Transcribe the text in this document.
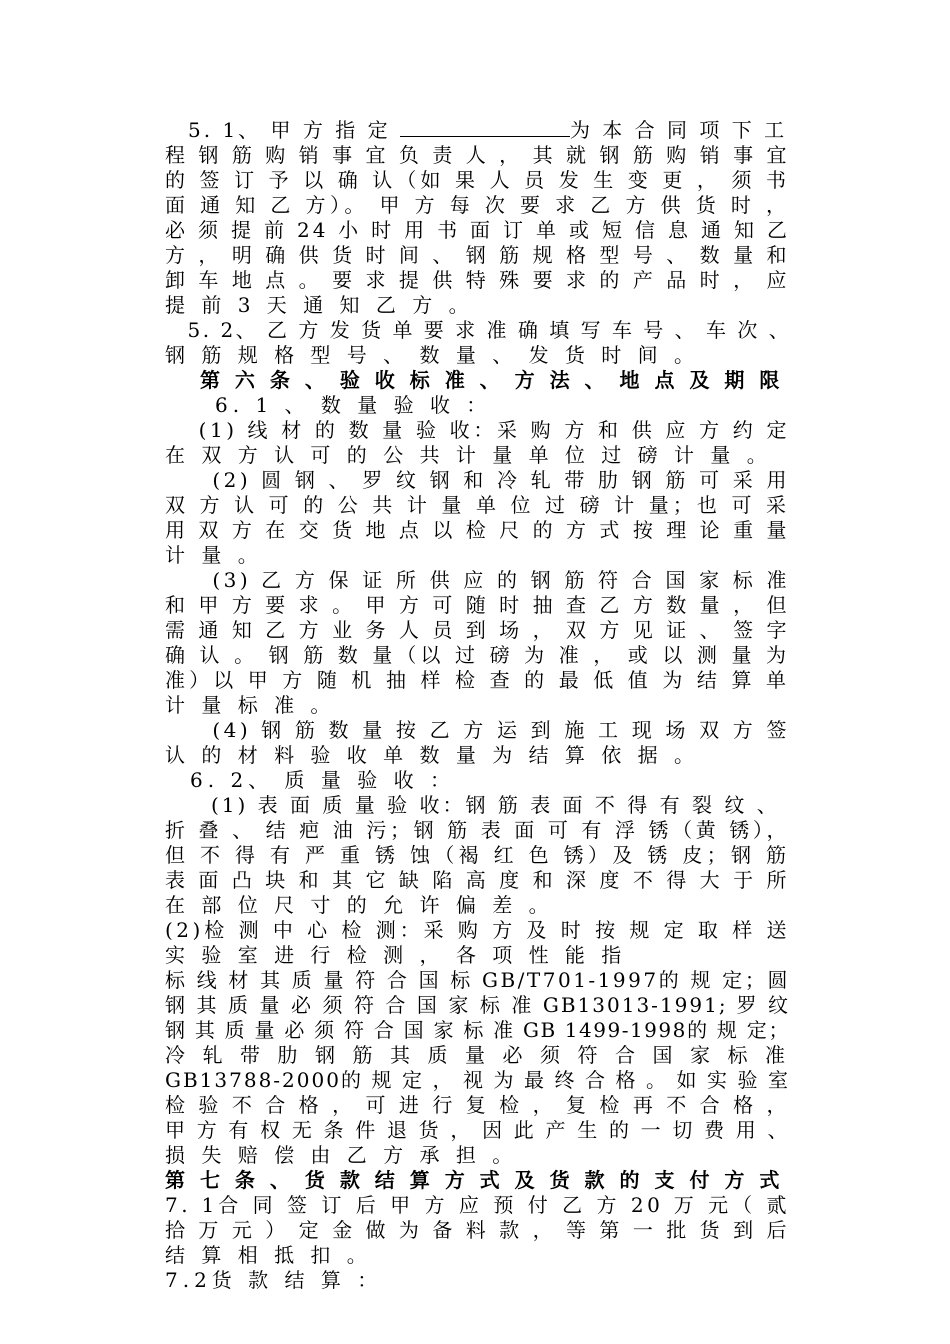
　5. 1、 甲 方 指 定	为 本 合 同 项 下 工
程 钢 筋 购 销 事 宜 负 责 人 ， 其 就 钢 筋 购 销 事 宜
的 签 订 予 以 确 认（如 果 人 员 发 生 变 更 ， 须 书
面 通 知 乙 方）。 甲 方 每 次 要 求 乙 方 供 货 时 ，
必 须 提 前 24 小 时 用 书 面 订 单 或 短 信 息 通 知 乙
方 ， 明 确 供 货 时 间 、 钢 筋 规 格 型 号 、 数 量 和
卸 车 地 点 。 要 求 提 供 特 殊 要 求 的 产 品 时 ， 应
提 前 3 天 通 知 乙 方 。
　5. 2、 乙 方 发 货 单 要 求 准 确 填 写 车 号 、 车 次 、
钢 筋 规 格 型 号 、 数 量 、 发 货 时 间 。
　 第 六 条 、 验 收 标 准 、 方 法 、 地 点 及 期 限
　　6. 1 、 数 量 验 收 ：
　 (1) 线 材 的 数 量 验 收：采 购 方 和 供 应 方 约 定
在 双 方 认 可 的 公 共 计 量 单 位 过 磅 计 量 。
　　(2) 圆 钢 、 罗 纹 钢 和 冷 轧 带 肋 钢 筋 可 采 用
双 方 认 可 的 公 共 计 量 单 位 过 磅 计 量；也 可 采
用 双 方 在 交 货 地 点 以 检 尺 的 方 式 按 理 论 重 量
计 量 。
　　(3) 乙 方 保 证 所 供 应 的 钢 筋 符 合 国 家 标 准
和 甲 方 要 求 。 甲 方 可 随 时 抽 查 乙 方 数 量 ， 但
需 通 知 乙 方 业 务 人 员 到 场 ， 双 方 见 证 、 签 字
确 认 。 钢 筋 数 量（以 过 磅 为 准 ， 或 以 测 量 为
准）以 甲 方 随 机 抽 样 检 查 的 最 低 值 为 结 算 单
计 量 标 准 。
　　(4) 钢 筋 数 量 按 乙 方 运 到 施 工 现 场 双 方 签
认 的 材 料 验 收 单 数 量 为 结 算 依 据 。
　6. 2、 质 量 验 收 ：
　　(1) 表 面 质 量 验 收：钢 筋 表 面 不 得 有 裂 纹 、
折 叠 、 结 疤 油 污；钢 筋 表 面 可 有 浮 锈（黄 锈），
但 不 得 有 严 重 锈 蚀（褐 红 色 锈）及 锈 皮；钢 筋
表 面 凸 块 和 其 它 缺 陷 高 度 和 深 度 不 得 大 于 所
在 部 位 尺 寸 的 允 许 偏 差 。
(2)检 测 中 心 检 测：采 购 方 及 时 按 规 定 取 样 送
实 验 室 进 行 检 测 ， 各 项 性 能 指
标 线 材 其 质 量 符 合 国 标 GB/T701-1997的 规 定；圆
钢 其 质 量 必 须 符 合 国 家 标 准 GB13013-1991; 罗 纹
钢 其 质 量 必 须 符 合 国 家 标 准 GB 1499-1998的 规 定；
冷 轧 带 肋 钢 筋 其 质 量 必 须 符 合 国 家 标 准
GB13788-2000的 规 定 ， 视 为 最 终 合 格 。 如 实 验 室
检 验 不 合 格 ， 可 进 行 复 检 ， 复 检 再 不 合 格 ，
甲 方 有 权 无 条 件 退 货 ， 因 此 产 生 的 一 切 费 用 、
损 失 赔 偿 由 乙 方 承 担 。
第 七 条 、 货 款 结 算 方 式 及 货 款 的 支 付 方 式
7. 1合 同 签 订 后 甲 方 应 预 付 乙 方 20 万 元（ 贰
拾 万 元 ） 定 金 做 为 备 料 款 ， 等 第 一 批 货 到 后
结 算 相 抵 扣 。
7.2货 款 结 算 ：
